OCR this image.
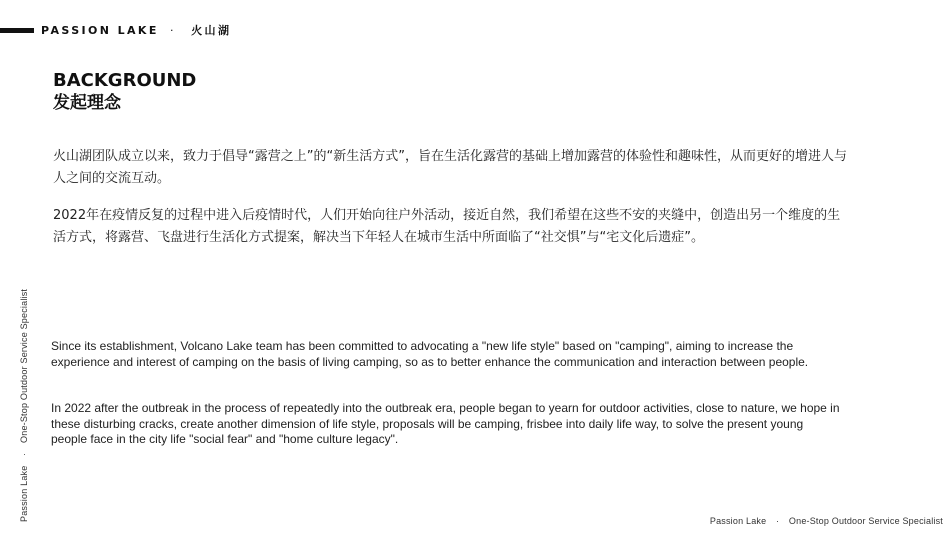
PASSION LAKE · 火山湖
BACKGROUND
发起理念

火山湖团队成立以来，致力于倡导“露营之上”的“新生活方式”，旨在生活化露营的基础上增加露营的体验性和趣味性，从而更好的增进人与人之间的交流互动。

2022年在疫情反复的过程中进入后疫情时代，人们开始向往户外活动，接近自然，我们希望在这些不安的夹缝中，创造出另一个维度的生活方式，将露营、飞盘进行生活化方式提案，解决当下年轻人在城市生活中所面临了“社交惧”与“宅文化后遗症”。

Since its establishment, Volcano Lake team has been committed to advocating a "new life style" based on "camping", aiming to increase the experience and interest of camping on the basis of living camping, so as to better enhance the communication and interaction between people.

In 2022 after the outbreak in the process of repeatedly into the outbreak era, people began to yearn for outdoor activities, close to nature, we hope in these disturbing cracks, create another dimension of life style, proposals will be camping, frisbee into daily life way, to solve the present young people face in the city life "social fear" and "home culture legacy".

Passion Lake · One-Stop Outdoor Service Specialist
Passion Lake · One-Stop Outdoor Service Specialist
